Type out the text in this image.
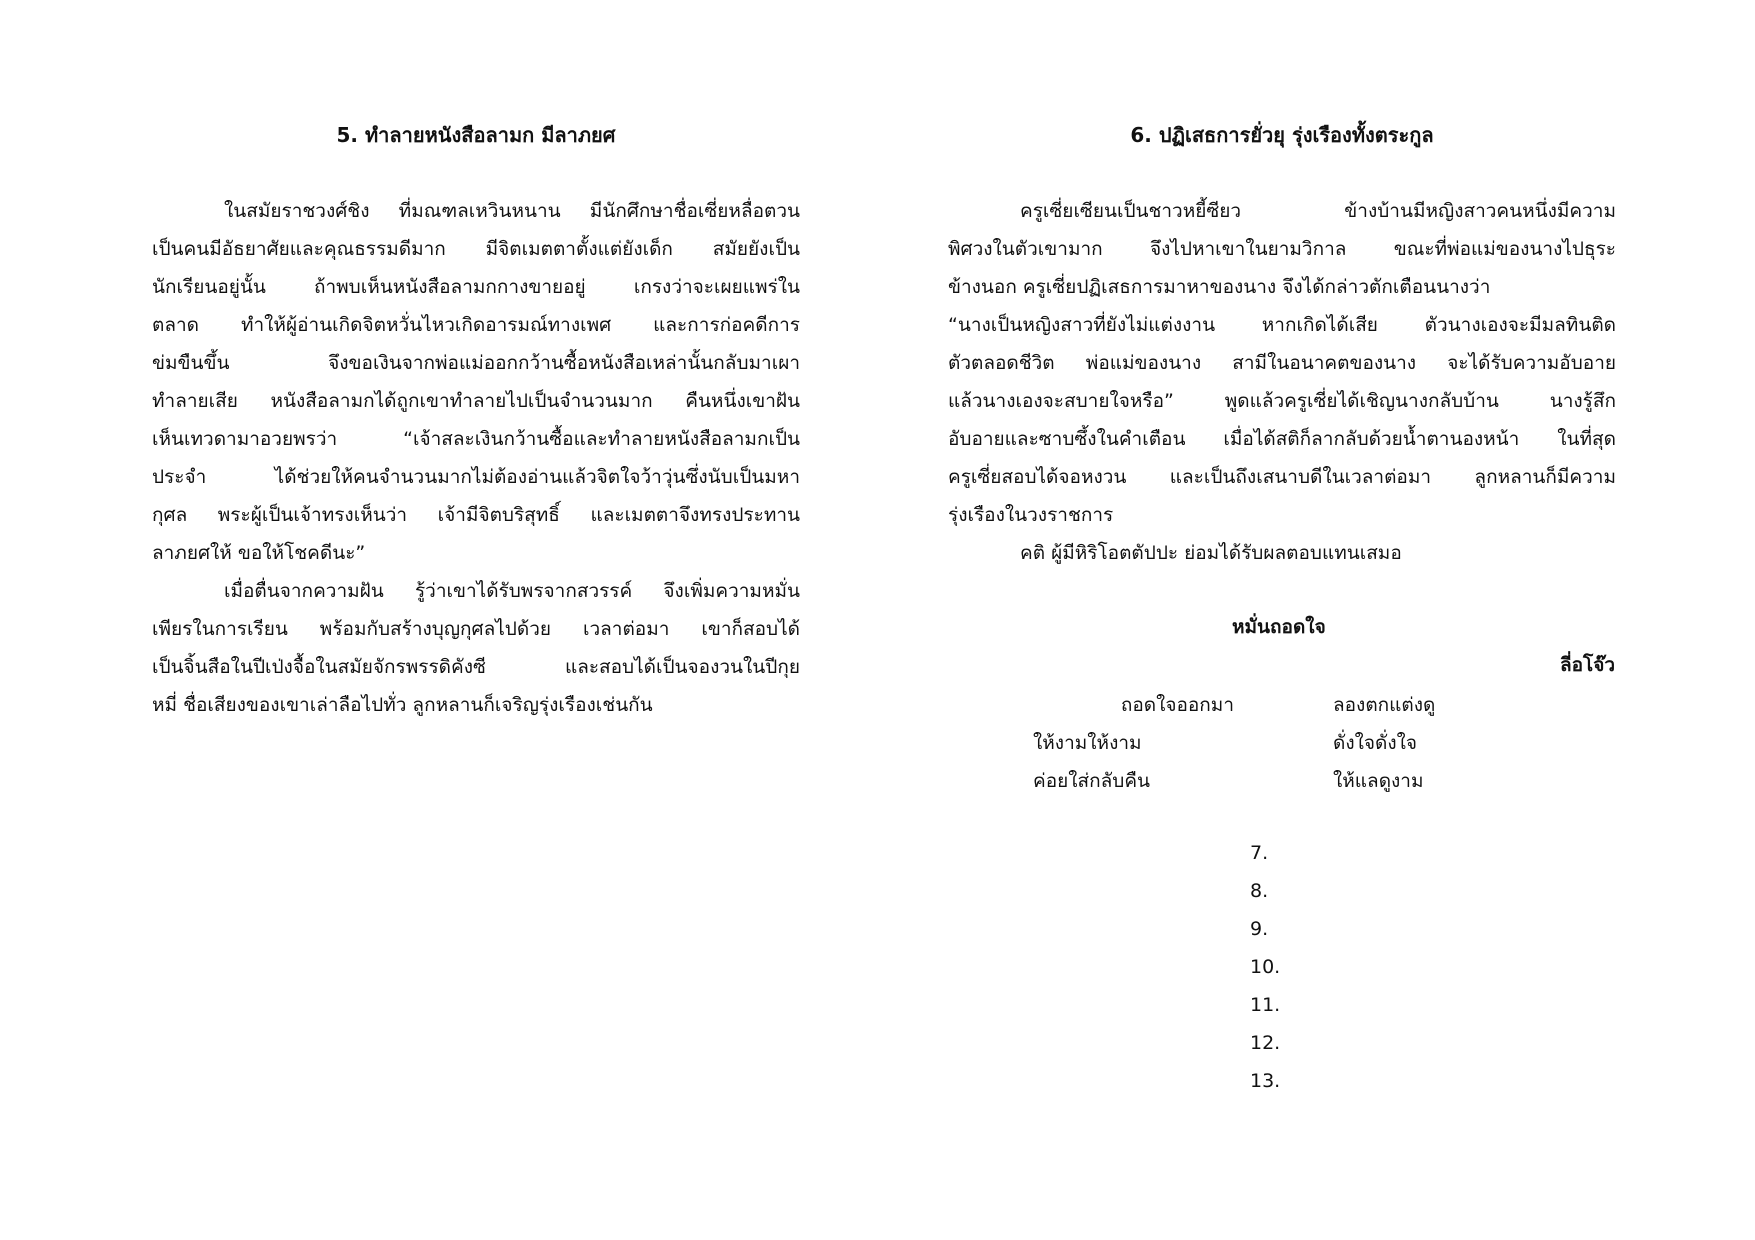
5. ทำลายหนังสือลามก มีลาภยศ

ในสมัยราชวงศ์ชิง ที่มณฑลเหวินหนาน มีนักศึกษาชื่อเซี่ยหลื่อตวน

เป็นคนมีอัธยาศัยและคุณธรรมดีมาก มีจิตเมตตาตั้งแต่ยังเด็ก สมัยยังเป็น

นักเรียนอยู่นั้น ถ้าพบเห็นหนังสือลามกกางขายอยู่ เกรงว่าจะเผยแพร่ใน

ตลาด ทำให้ผู้อ่านเกิดจิตหวั่นไหวเกิดอารมณ์ทางเพศ และการก่อคดีการ

ข่มขืนขึ้น จึงขอเงินจากพ่อแม่ออกกว้านซื้อหนังสือเหล่านั้นกลับมาเผา

ทำลายเสีย หนังสือลามกได้ถูกเขาทำลายไปเป็นจำนวนมาก คืนหนึ่งเขาฝัน

เห็นเทวดามาอวยพรว่า “เจ้าสละเงินกว้านซื้อและทำลายหนังสือลามกเป็น

ประจำ ได้ช่วยให้คนจำนวนมากไม่ต้องอ่านแล้วจิตใจว้าวุ่นซึ่งนับเป็นมหา

กุศล พระผู้เป็นเจ้าทรงเห็นว่า เจ้ามีจิตบริสุทธิ์ และเมตตาจึงทรงประทาน

ลาภยศให้ ขอให้โชคดีนะ”

เมื่อตื่นจากความฝัน รู้ว่าเขาได้รับพรจากสวรรค์ จึงเพิ่มความหมั่น

เพียรในการเรียน พร้อมกับสร้างบุญกุศลไปด้วย เวลาต่อมา เขาก็สอบได้

เป็นจิ้นสือในปีเป่งจื้อในสมัยจักรพรรดิคังซี และสอบได้เป็นจองวนในปีกุย

หมี่ ชื่อเสียงของเขาเล่าลือไปทั่ว ลูกหลานก็เจริญรุ่งเรืองเช่นกัน

6. ปฏิเสธการยั่วยุ รุ่งเรืองทั้งตระกูล

ครูเซี่ยเซียนเป็นชาวหยี้ซียว ข้างบ้านมีหญิงสาวคนหนึ่งมีความ

พิศวงในตัวเขามาก จึงไปหาเขาในยามวิกาล ขณะที่พ่อแม่ของนางไปธุระ

ข้างนอก ครูเซี่ยปฏิเสธการมาหาของนาง จึงได้กล่าวตักเตือนนางว่า

“นางเป็นหญิงสาวที่ยังไม่แต่งงาน หากเกิดได้เสีย ตัวนางเองจะมีมลทินติด

ตัวตลอดชีวิต พ่อแม่ของนาง สามีในอนาคตของนาง จะได้รับความอับอาย

แล้วนางเองจะสบายใจหรือ” พูดแล้วครูเซี่ยได้เชิญนางกลับบ้าน นางรู้สึก

อับอายและซาบซึ้งในคำเตือน เมื่อได้สติก็ลากลับด้วยน้ำตานองหน้า ในที่สุด

ครูเซี่ยสอบได้จอหงวน และเป็นถึงเสนาบดีในเวลาต่อมา ลูกหลานก็มีความ

รุ่งเรืองในวงราชการ

คติ ผู้มีหิริโอตตัปปะ ย่อมได้รับผลตอบแทนเสมอ

หมั่นถอดใจ

ลี่อโจ๊ว

ถอดใจออกมา	ลองตกแต่งดู

ให้งามให้งาม	ดั่งใจดั่งใจ

ค่อยใส่กลับคืน	ให้แลดูงาม

7.
8.
9.
10.
11.
12.
13.
